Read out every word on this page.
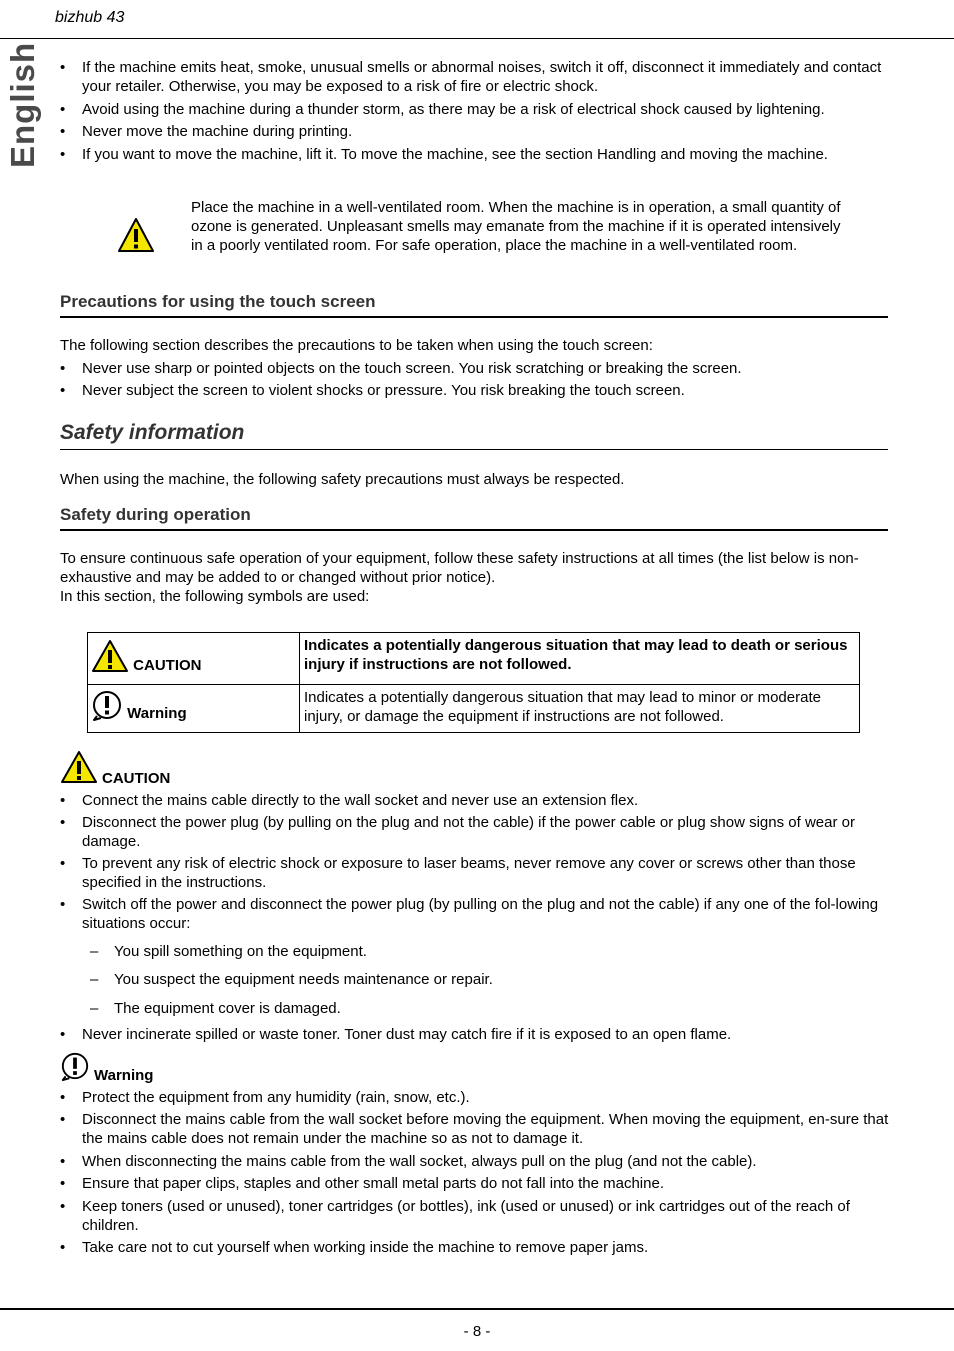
bizhub 43
English	• If the machine emits heat, smoke, unusual smells or abnormal noises, switch it off, disconnect it immediately and contact your retailer. Otherwise, you may be exposed to a risk of fire or electric shock.
• Avoid using the machine during a thunder storm, as there may be a risk of electrical shock caused by lightening.
• Never move the machine during printing.
• If you want to move the machine, lift it. To move the machine, see the section Handling and moving the machine.
Place the machine in a well-ventilated room. When the machine is in operation, a small quantity of ozone is generated. Unpleasant smells may emanate from the machine if it is operated intensively in a poorly ventilated room. For safe operation, place the machine in a well-ventilated room.
Precautions for using the touch screen
The following section describes the precautions to be taken when using the touch screen:
• Never use sharp or pointed objects on the touch screen. You risk scratching or breaking the screen.
• Never subject the screen to violent shocks or pressure. You risk breaking the touch screen.
Safety information
When using the machine, the following safety precautions must always be respected.
Safety during operation
To ensure continuous safe operation of your equipment, follow these safety instructions at all times (the list below is non-exhaustive and may be added to or changed without prior notice).
In this section, the following symbols are used:
CAUTION	Indicates a potentially dangerous situation that may lead to death or serious injury if instructions are not followed.
Warning	Indicates a potentially dangerous situation that may lead to minor or moderate injury, or damage the equipment if instructions are not followed.
CAUTION
• Connect the mains cable directly to the wall socket and never use an extension flex.
• Disconnect the power plug (by pulling on the plug and not the cable) if the power cable or plug show signs of wear or damage.
• To prevent any risk of electric shock or exposure to laser beams, never remove any cover or screws other than those specified in the instructions.
• Switch off the power and disconnect the power plug (by pulling on the plug and not the cable) if any one of the fol-lowing situations occur:
– You spill something on the equipment.
– You suspect the equipment needs maintenance or repair.
– The equipment cover is damaged.
• Never incinerate spilled or waste toner. Toner dust may catch fire if it is exposed to an open flame.
Warning
• Protect the equipment from any humidity (rain, snow, etc.).
• Disconnect the mains cable from the wall socket before moving the equipment. When moving the equipment, en-sure that the mains cable does not remain under the machine so as not to damage it.
• When disconnecting the mains cable from the wall socket, always pull on the plug (and not the cable).
• Ensure that paper clips, staples and other small metal parts do not fall into the machine.
• Keep toners (used or unused), toner cartridges (or bottles), ink (used or unused) or ink cartridges out of the reach of children.
• Take care not to cut yourself when working inside the machine to remove paper jams.
- 8 -
